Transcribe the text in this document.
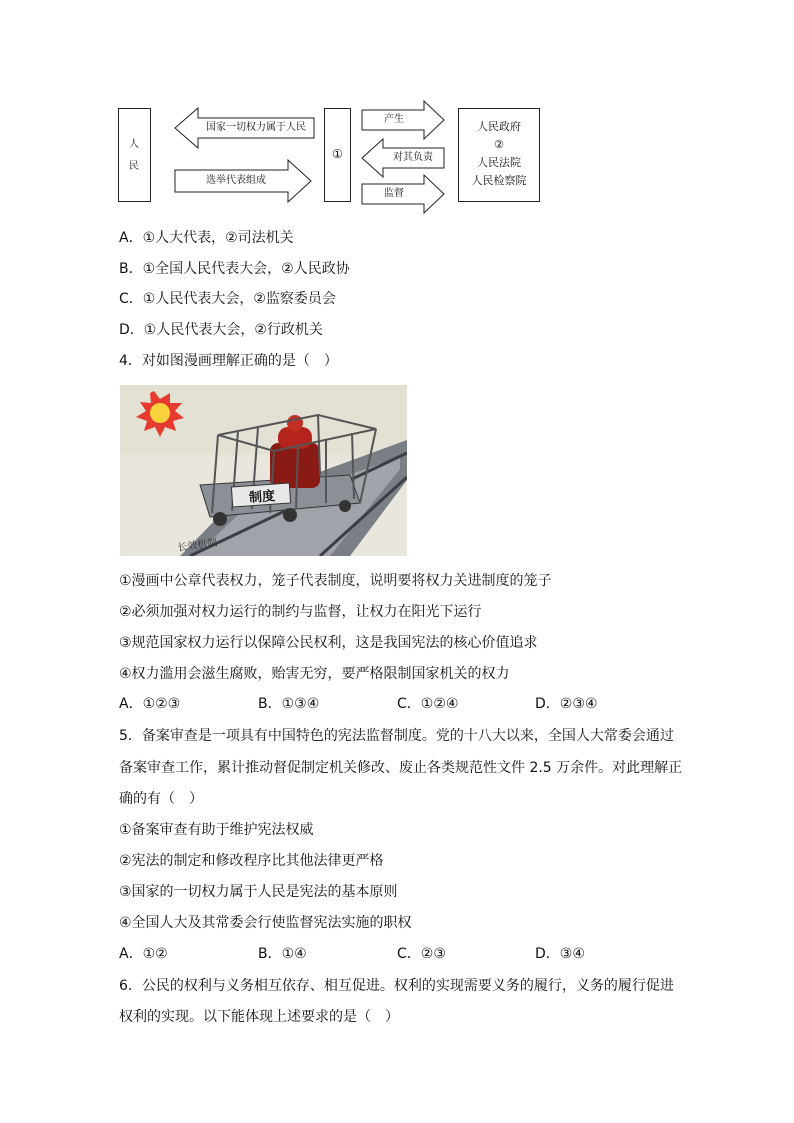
人 民
国家一切权力属于人民
选举代表组成
①
产生
对其负责
监督
人民政府
②
人民法院
人民检察院
A．①人大代表，②司法机关
B．①全国人民代表大会，②人民政协
C．①人民代表大会，②监察委员会
D．①人民代表大会，②行政机关
4．对如图漫画理解正确的是（　）
长效机制
制度
①漫画中公章代表权力，笼子代表制度，说明要将权力关进制度的笼子
②必须加强对权力运行的制约与监督，让权力在阳光下运行
③规范国家权力运行以保障公民权利，这是我国宪法的核心价值追求
④权力滥用会滋生腐败，贻害无穷，要严格限制国家机关的权力
A．①②③	B．①③④	C．①②④	D．②③④
5．备案审查是一项具有中国特色的宪法监督制度。党的十八大以来，全国人大常委会通过
备案审查工作，累计推动督促制定机关修改、废止各类规范性文件 2.5 万余件。对此理解正
确的有（　）
①备案审查有助于维护宪法权威
②宪法的制定和修改程序比其他法律更严格
③国家的一切权力属于人民是宪法的基本原则
④全国人大及其常委会行使监督宪法实施的职权
A．①②	B．①④	C．②③	D．③④
6．公民的权利与义务相互依存、相互促进。权利的实现需要义务的履行，义务的履行促进
权利的实现。以下能体现上述要求的是（　）
